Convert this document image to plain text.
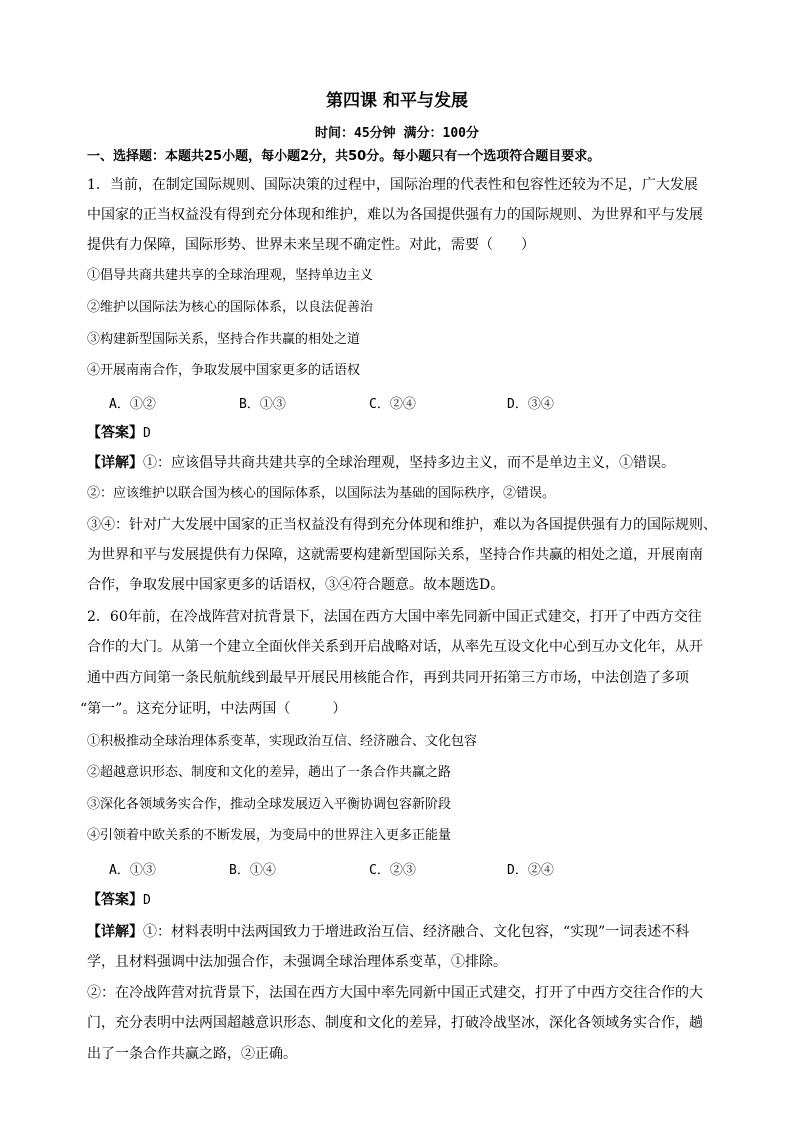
第四课 和平与发展
时间：45分钟 满分：100分
一、选择题：本题共25小题，每小题2分，共50分。每小题只有一个选项符合题目要求。
1．当前，在制定国际规则、国际决策的过程中，国际治理的代表性和包容性还较为不足，广大发展
中国家的正当权益没有得到充分体现和维护，难以为各国提供强有力的国际规则、为世界和平与发展
提供有力保障，国际形势、世界未来呈现不确定性。对此，需要（　　）
①倡导共商共建共享的全球治理观，坚持单边主义
②维护以国际法为核心的国际体系，以良法促善治
③构建新型国际关系，坚持合作共赢的相处之道
④开展南南合作，争取发展中国家更多的话语权
A．①②	B．①③	C．②④	D．③④
【答案】D
【详解】①：应该倡导共商共建共享的全球治理观，坚持多边主义，而不是单边主义，①错误。
②：应该维护以联合国为核心的国际体系，以国际法为基础的国际秩序，②错误。
③④：针对广大发展中国家的正当权益没有得到充分体现和维护，难以为各国提供强有力的国际规则、
为世界和平与发展提供有力保障，这就需要构建新型国际关系，坚持合作共赢的相处之道，开展南南
合作，争取发展中国家更多的话语权，③④符合题意。故本题选D。
2．60年前，在冷战阵营对抗背景下，法国在西方大国中率先同新中国正式建交，打开了中西方交往
合作的大门。从第一个建立全面伙伴关系到开启战略对话，从率先互设文化中心到互办文化年，从开
通中西方间第一条民航航线到最早开展民用核能合作，再到共同开拓第三方市场，中法创造了多项
“第一”。这充分证明，中法两国（　　　）
①积极推动全球治理体系变革，实现政治互信、经济融合、文化包容
②超越意识形态、制度和文化的差异，趟出了一条合作共赢之路
③深化各领域务实合作，推动全球发展迈入平衡协调包容新阶段
④引领着中欧关系的不断发展，为变局中的世界注入更多正能量
A．①③	B．①④	C．②③	D．②④
【答案】D
【详解】①：材料表明中法两国致力于增进政治互信、经济融合、文化包容，“实现”一词表述不科
学，且材料强调中法加强合作，未强调全球治理体系变革，①排除。
②：在冷战阵营对抗背景下，法国在西方大国中率先同新中国正式建交，打开了中西方交往合作的大
门，充分表明中法两国超越意识形态、制度和文化的差异，打破冷战坚冰，深化各领域务实合作，趟
出了一条合作共赢之路，②正确。
